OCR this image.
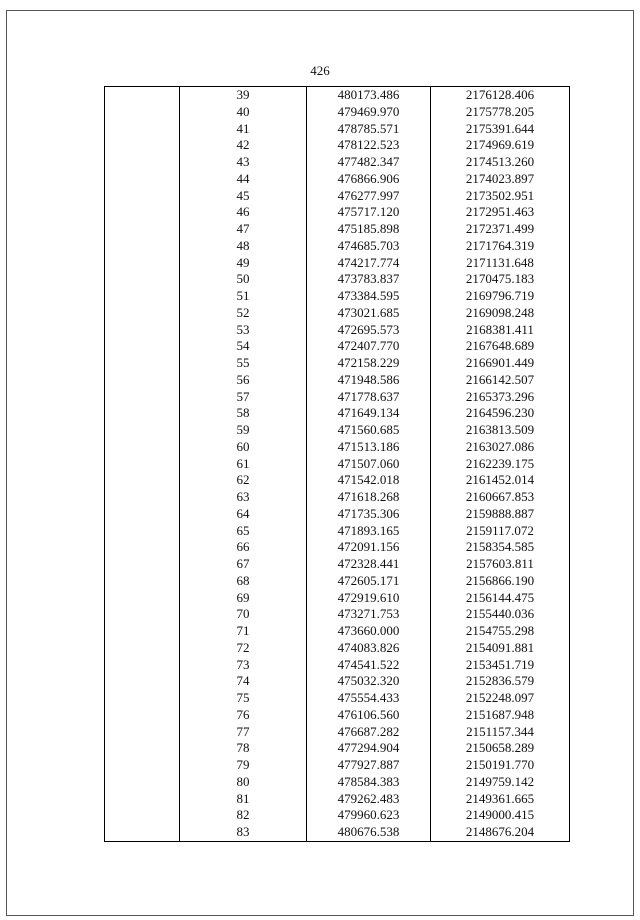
426
	39	480173.486	2176128.406
	40	479469.970	2175778.205
	41	478785.571	2175391.644
	42	478122.523	2174969.619
	43	477482.347	2174513.260
	44	476866.906	2174023.897
	45	476277.997	2173502.951
	46	475717.120	2172951.463
	47	475185.898	2172371.499
	48	474685.703	2171764.319
	49	474217.774	2171131.648
	50	473783.837	2170475.183
	51	473384.595	2169796.719
	52	473021.685	2169098.248
	53	472695.573	2168381.411
	54	472407.770	2167648.689
	55	472158.229	2166901.449
	56	471948.586	2166142.507
	57	471778.637	2165373.296
	58	471649.134	2164596.230
	59	471560.685	2163813.509
	60	471513.186	2163027.086
	61	471507.060	2162239.175
	62	471542.018	2161452.014
	63	471618.268	2160667.853
	64	471735.306	2159888.887
	65	471893.165	2159117.072
	66	472091.156	2158354.585
	67	472328.441	2157603.811
	68	472605.171	2156866.190
	69	472919.610	2156144.475
	70	473271.753	2155440.036
	71	473660.000	2154755.298
	72	474083.826	2154091.881
	73	474541.522	2153451.719
	74	475032.320	2152836.579
	75	475554.433	2152248.097
	76	476106.560	2151687.948
	77	476687.282	2151157.344
	78	477294.904	2150658.289
	79	477927.887	2150191.770
	80	478584.383	2149759.142
	81	479262.483	2149361.665
	82	479960.623	2149000.415
	83	480676.538	2148676.204
